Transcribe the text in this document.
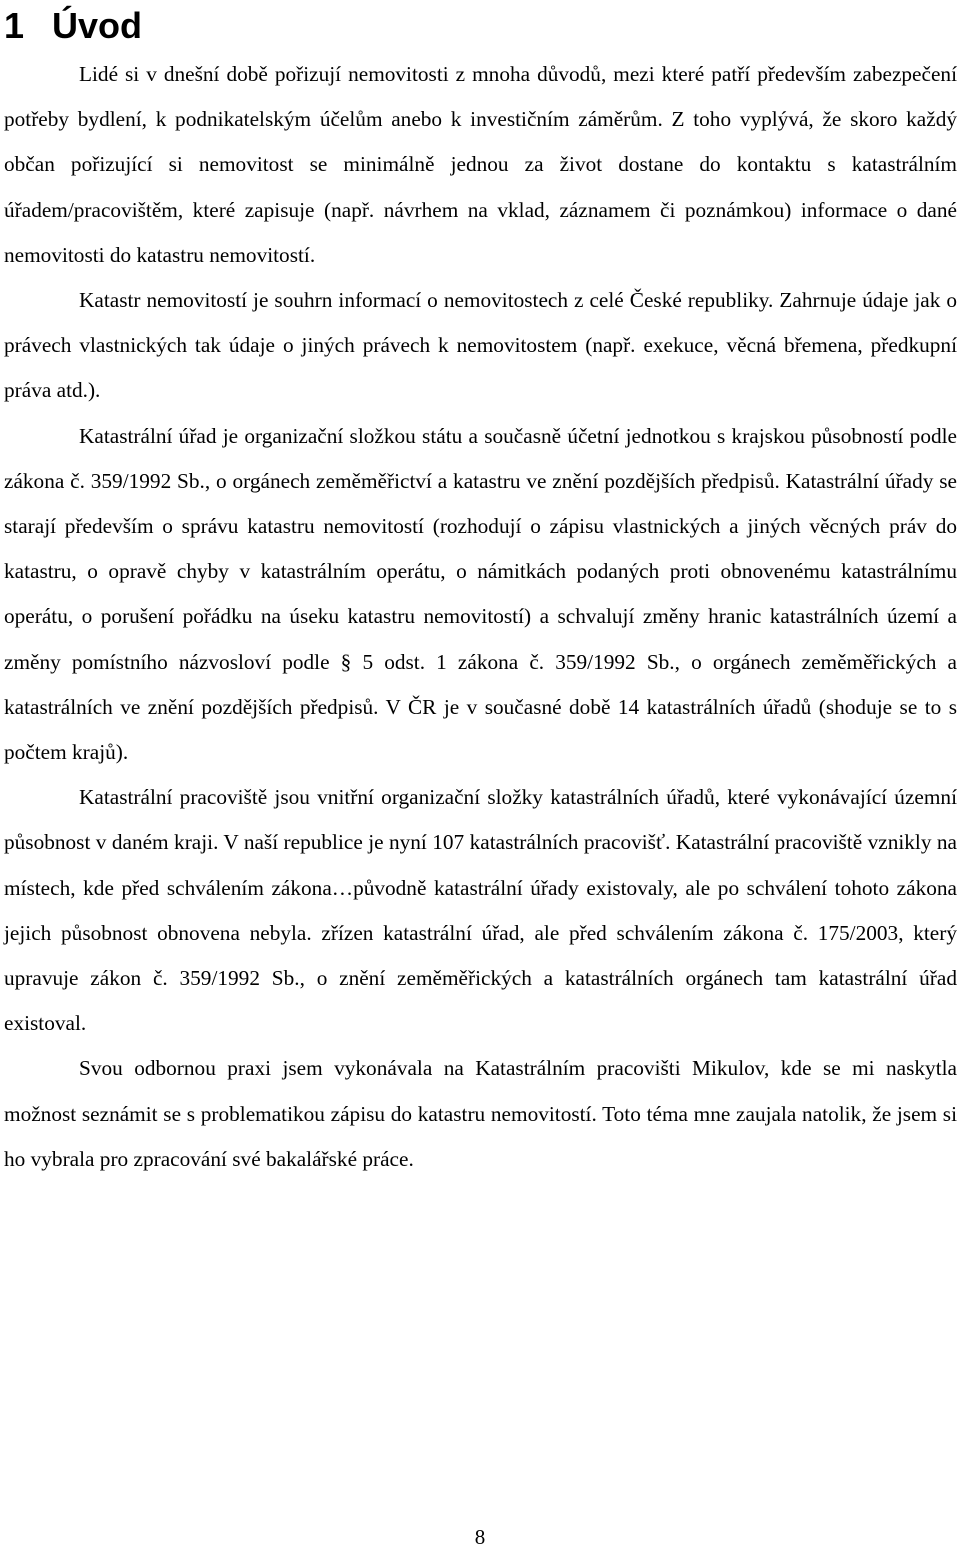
1 Úvod

Lidé si v dnešní době pořizují nemovitosti z mnoha důvodů, mezi které patří především zabezpečení potřeby bydlení, k podnikatelským účelům anebo k investičním záměrům. Z toho vyplývá, že skoro každý občan pořizující si nemovitost se minimálně jednou za život dostane do kontaktu s katastrálním úřadem/pracovištěm, které zapisuje (např. návrhem na vklad, záznamem či poznámkou) informace o dané nemovitosti do katastru nemovitostí.

Katastr nemovitostí je souhrn informací o nemovitostech z celé České republiky. Zahrnuje údaje jak o právech vlastnických tak údaje o jiných právech k nemovitostem (např. exekuce, věcná břemena, předkupní práva atd.).

Katastrální úřad je organizační složkou státu a současně účetní jednotkou s krajskou působností podle zákona č. 359/1992 Sb., o orgánech zeměměřictví a katastru ve znění pozdějších předpisů. Katastrální úřady se starají především o správu katastru nemovitostí (rozhodují o zápisu vlastnických a jiných věcných práv do katastru, o opravě chyby v katastrálním operátu, o námitkách podaných proti obnovenému katastrálnímu operátu, o porušení pořádku na úseku katastru nemovitostí) a schvalují změny hranic katastrálních území a změny pomístního názvosloví podle § 5 odst. 1 zákona č. 359/1992 Sb., o orgánech zeměměřických a katastrálních ve znění pozdějších předpisů. V ČR je v současné době 14 katastrálních úřadů (shoduje se to s počtem krajů).

Katastrální pracoviště jsou vnitřní organizační složky katastrálních úřadů, které vykonávající územní působnost v daném kraji. V naší republice je nyní 107 katastrálních pracovišť. Katastrální pracoviště vznikly na místech, kde před schválením zákona…původně katastrální úřady existovaly, ale po schválení tohoto zákona jejich působnost obnovena nebyla. zřízen katastrální úřad, ale před schválením zákona č. 175/2003, který upravuje zákon č. 359/1992 Sb., o znění zeměměřických a katastrálních orgánech tam katastrální úřad existoval.

Svou odbornou praxi jsem vykonávala na Katastrálním pracovišti Mikulov, kde se mi naskytla možnost seznámit se s problematikou zápisu do katastru nemovitostí. Toto téma mne zaujala natolik, že jsem si ho vybrala pro zpracování své bakalářské práce.

8
